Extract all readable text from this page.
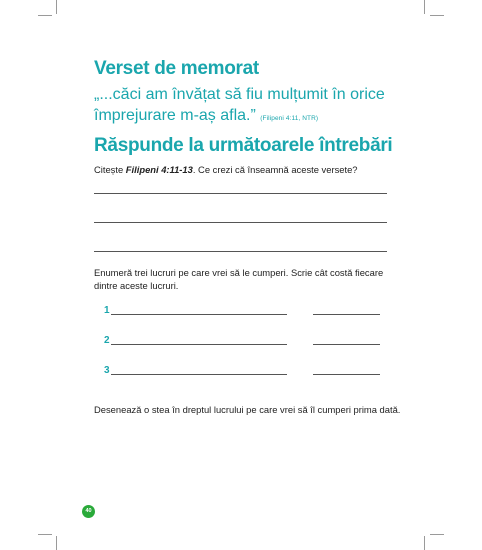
Verset de memorat

„...căci am învățat să fiu mulțumit în orice împrejurare m-aș afla.” (Filipeni 4:11, NTR)

Răspunde la următoarele întrebări

Citește Filipeni 4:11-13. Ce crezi că înseamnă aceste versete?

Enumeră trei lucruri pe care vrei să le cumperi. Scrie cât costă fiecare dintre aceste lucruri.

1
2
3

Desenează o stea în dreptul lucrului pe care vrei să îl cumperi prima dată.

40
